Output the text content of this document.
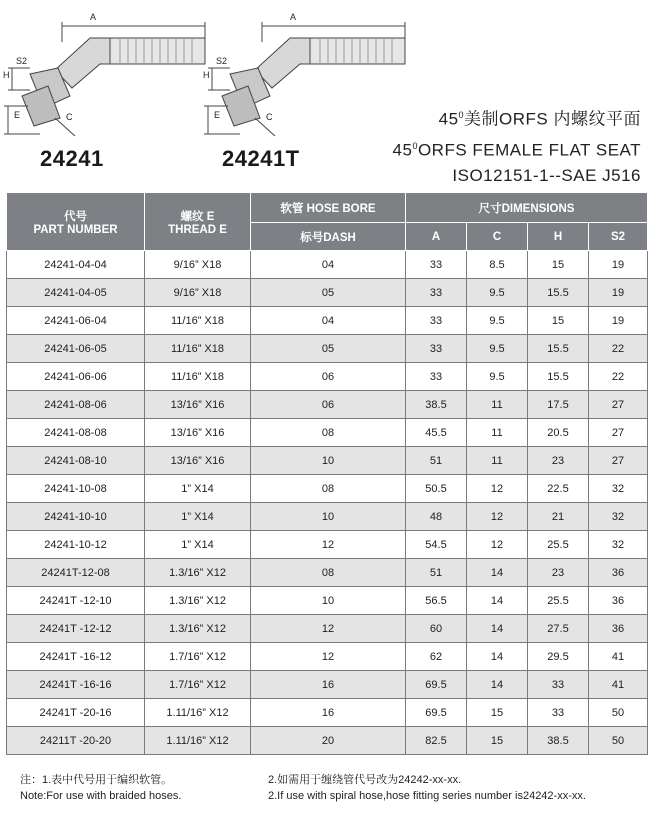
A
S2
H
E	C
A
S2
H
E	C
24241	24241T
$45^0$美制ORFS 内螺纹平面
$45^0ORFS$ FEMALE FLAT SEAT
ISO12151-1--SAE J516
代号
PART NUMBER	螺纹 E
THREAD E	软管 HOSE BORE	尺寸DIMENSIONS			
		标号DASH	A	C	H	S2
24241-04-04	9/16” X18	04	33	8.5	15	19
24241-04-05	9/16” X18	05	33	9.5	15.5	19
24241-06-04	11/16” X18	04	33	9.5	15	19
24241-06-05	11/16” X18	05	33	9.5	15.5	22
24241-06-06	11/16” X18	06	33	9.5	15.5	22
24241-08-06	13/16” X16	06	38.5	11	17.5	27
24241-08-08	13/16” X16	08	45.5	11	20.5	27
24241-08-10	13/16” X16	10	51	11	23	27
24241-10-08	1” X14	08	50.5	12	22.5	32
24241-10-10	1” X14	10	48	12	21	32
24241-10-12	1” X14	12	54.5	12	25.5	32
24241T-12-08	1.3/16” X12	08	51	14	23	36
24241T -12-10	1.3/16” X12	10	56.5	14	25.5	36
24241T -12-12	1.3/16” X12	12	60	14	27.5	36
24241T -16-12	1.7/16” X12	12	62	14	29.5	41
24241T -16-16	1.7/16” X12	16	69.5	14	33	41
24241T -20-16	1.11/16” X12	16	69.5	15	33	50
24211T -20-20	1.11/16” X12	20	82.5	15	38.5	50
注：1.表中代号用于编织软管。
Note:For use with braided hoses.
2.如需用于缠绕管代号改为24242-xx-xx.
2.If use with spiral hose,hose fitting series number is24242-xx-xx.
